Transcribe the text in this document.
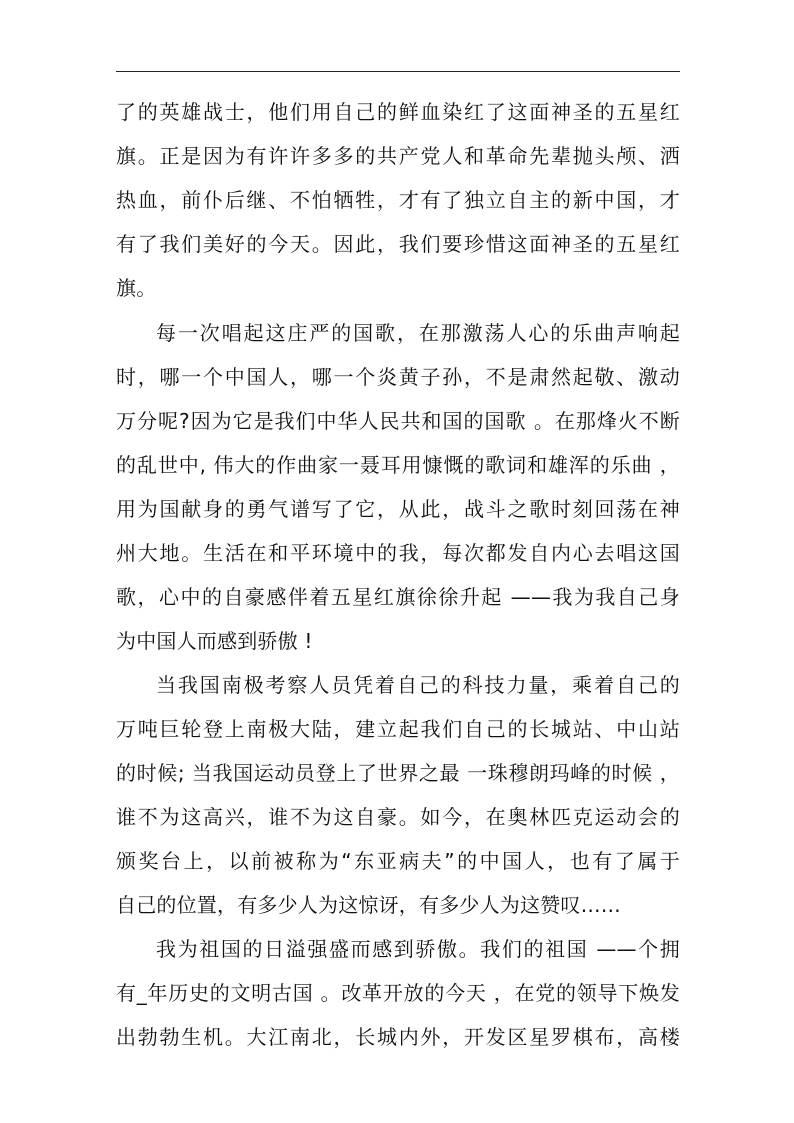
了的英雄战士，他们用自己的鲜血染红了这面神圣的五星红
旗。正是因为有许许多多的共产党人和革命先辈抛头颅、洒
热血，前仆后继、不怕牺牲，才有了独立自主的新中国，才
有了我们美好的今天。因此，我们要珍惜这面神圣的五星红
旗。
每一次唱起这庄严的国歌，在那激荡人心的乐曲声响起
时，哪一个中国人，哪一个炎黄子孙，不是肃然起敬、激动
万分呢?因为它是我们中华人民共和国的国歌 。在那烽火不断
的乱世中, 伟大的作曲家一聂耳用慷慨的歌词和雄浑的乐曲 ，
用为国献身的勇气谱写了它，从此，战斗之歌时刻回荡在神
州大地。生活在和平环境中的我，每次都发自内心去唱这国
歌，心中的自豪感伴着五星红旗徐徐升起 ——我为我自己身
为中国人而感到骄傲 !
当我国南极考察人员凭着自己的科技力量，乘着自己的
万吨巨轮登上南极大陆，建立起我们自己的长城站、中山站
的时候; 当我国运动员登上了世界之最 一珠穆朗玛峰的时候 ，
谁不为这高兴，谁不为这自豪。如今，在奥林匹克运动会的
颁奖台上，以前被称为“东亚病夫”的中国人，也有了属于
自己的位置，有多少人为这惊讶，有多少人为这赞叹……
我为祖国的日溢强盛而感到骄傲。我们的祖国 ——个拥
有_年历史的文明古国 。改革开放的今天 ，在党的领导下焕发
出勃勃生机。大江南北，长城内外，开发区星罗棋布，高楼
